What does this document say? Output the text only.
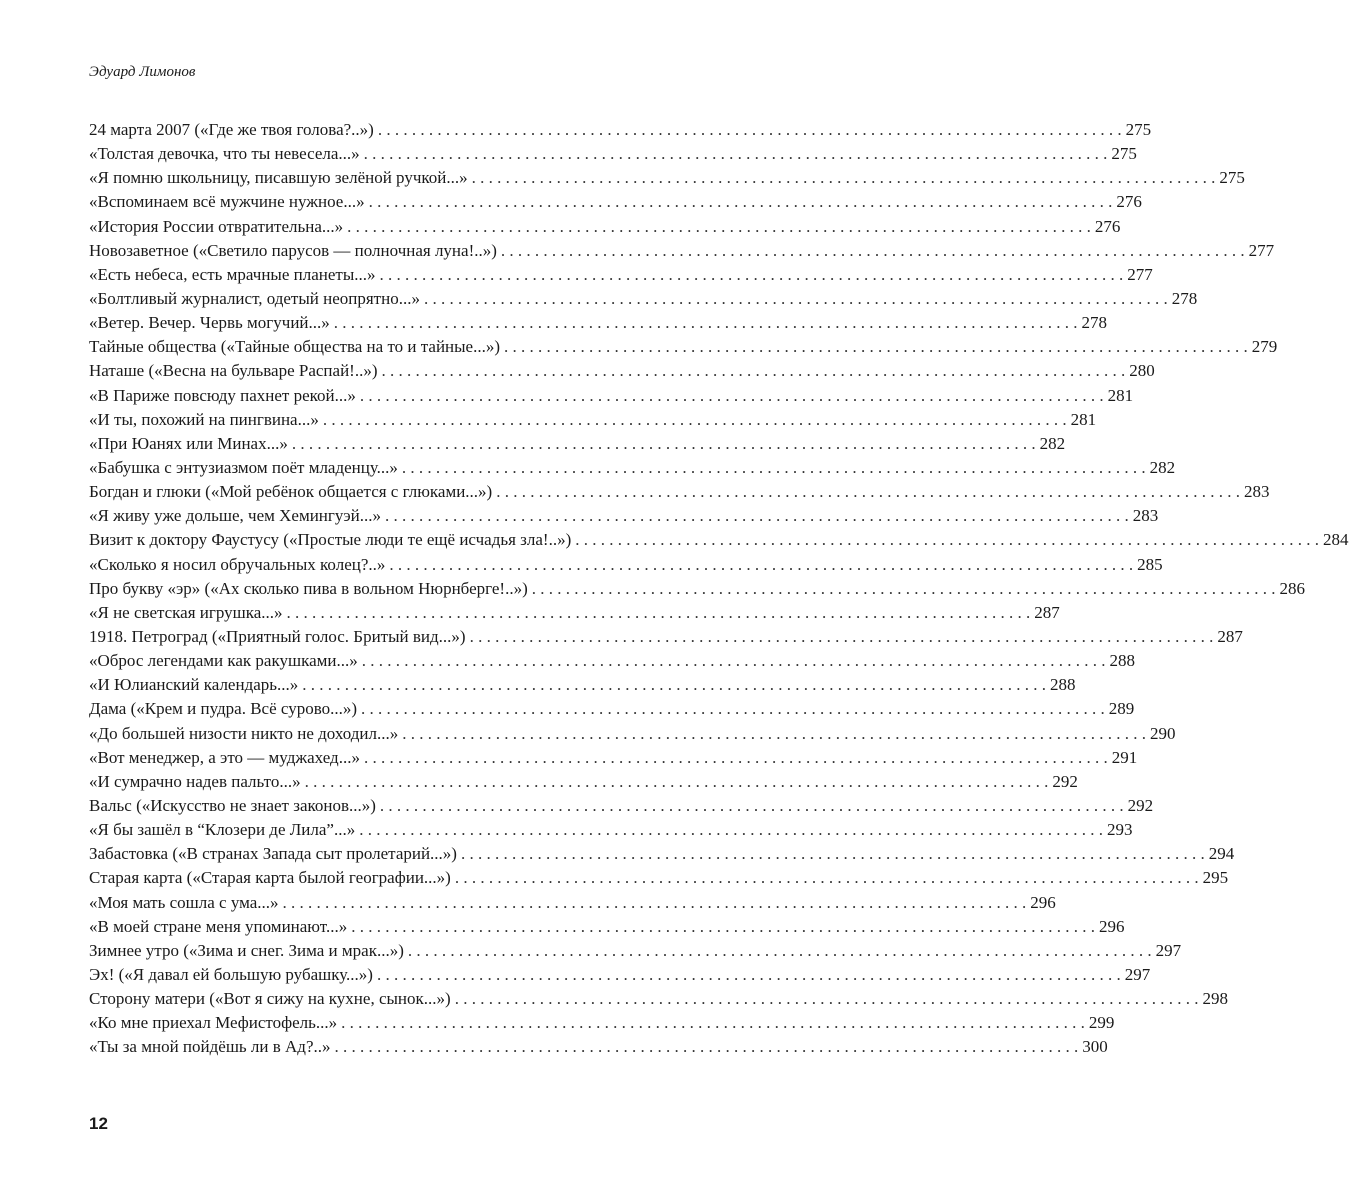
Эдуард Лимонов
24 марта 2007 («Где же твоя голова?..») . . .	275
«Толстая девочка, что ты невесела...» . . .	275
«Я помню школьницу, писавшую зелёной ручкой...» . . .	275
«Вспоминаем всё мужчине нужное...» . . .	276
«История России отвратительна...» . . .	276
Новозаветное («Светило парусов — полночная луна!..») . . .	277
«Есть небеса, есть мрачные планеты...» . . .	277
«Болтливый журналист, одетый неопрятно...» . . .	278
«Ветер. Вечер. Червь могучий...» . . .	278
Тайные общества («Тайные общества на то и тайные...») . . .	279
Наташе («Весна на бульваре Распай!..») . . .	280
«В Париже повсюду пахнет рекой...» . . .	281
«И ты, похожий на пингвина...» . . .	281
«При Юанях или Минах...» . . .	282
«Бабушка с энтузиазмом поёт младенцу...» . . .	282
Богдан и глюки («Мой ребёнок общается с глюками...») . . .	283
«Я живу уже дольше, чем Хемингуэй...» . . .	283
Визит к доктору Фаустусу («Простые люди те ещё исчадья зла!..») . . .	284
«Сколько я носил обручальных колец?..» . . .	285
Про букву «эр» («Ах сколько пива в вольном Нюрнберге!..») . . .	286
«Я не светская игрушка...» . . .	287
1918. Петроград («Приятный голос. Бритый вид...») . . .	287
«Оброс легендами как ракушками...» . . .	288
«И Юлианский календарь...» . . .	288
Дама («Крем и пудра. Всё сурово...») . . .	289
«До большей низости никто не доходил...» . . .	290
«Вот менеджер, а это — муджахед...» . . .	291
«И сумрачно надев пальто...» . . .	292
Вальс («Искусство не знает законов...») . . .	292
«Я бы зашёл в “Клозери де Лила”...» . . .	293
Забастовка («В странах Запада сыт пролетарий...») . . .	294
Старая карта («Старая карта былой географии...») . . .	295
«Моя мать сошла с ума...» . . .	296
«В моей стране меня упоминают...» . . .	296
Зимнее утро («Зима и снег. Зима и мрак...») . . .	297
Эх! («Я давал ей большую рубашку...») . . .	297
Сторону матери («Вот я сижу на кухне, сынок...») . . .	298
«Ко мне приехал Мефистофель...» . . .	299
«Ты за мной пойдёшь ли в Ад?..» . . .	300
12
